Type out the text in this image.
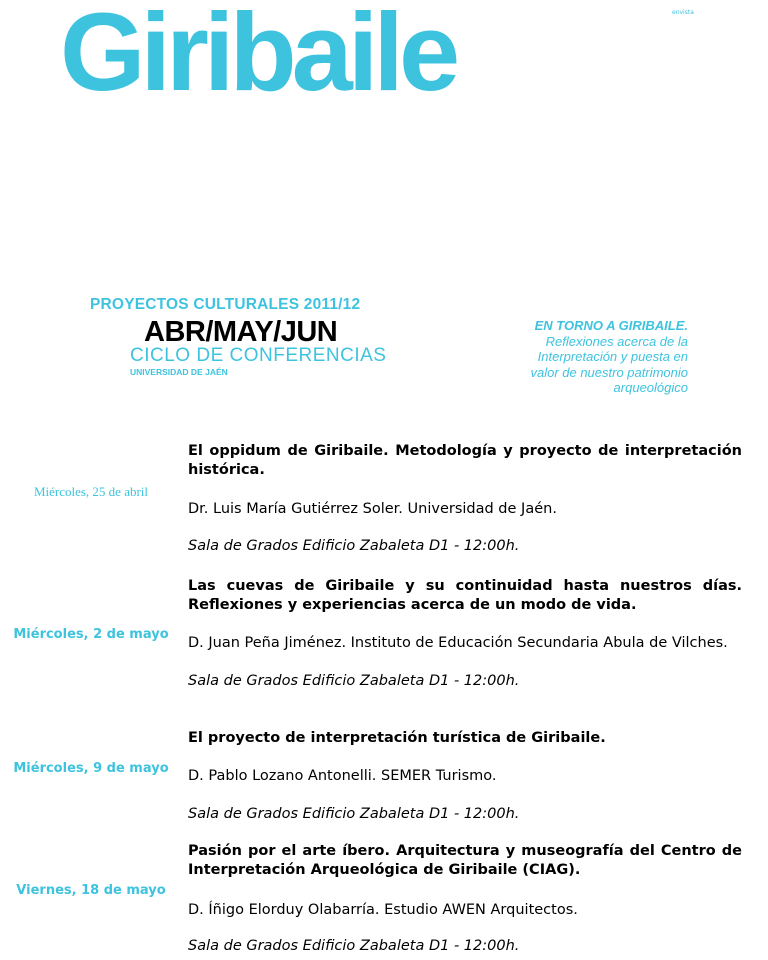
Giribaile	envista
PROYECTOS CULTURALES 2011/12
ABR/MAY/JUN
CICLO DE CONFERENCIAS
UNIVERSIDAD DE JAÉN
EN TORNO A GIRIBAILE.
Reflexiones acerca de la
Interpretación y puesta en
valor de nuestro patrimonio
arqueológico
Miércoles, 25 de abril

El oppidum de Giribaile. Metodología y proyecto de interpretación histórica.

Dr. Luis María Gutiérrez Soler. Universidad de Jaén.

Sala de Grados Edificio Zabaleta D1 - 12:00h.

Miércoles, 2 de mayo

Las cuevas de Giribaile y su continuidad hasta nuestros días. Reflexiones y experiencias acerca de un modo de vida.

D. Juan Peña Jiménez. Instituto de Educación Secundaria Abula de Vilches.

Sala de Grados Edificio Zabaleta D1 - 12:00h.

Miércoles, 9 de mayo

El proyecto de interpretación turística de Giribaile.

D. Pablo Lozano Antonelli. SEMER Turismo.

Sala de Grados Edificio Zabaleta D1 - 12:00h.

Viernes, 18 de mayo

Pasión por el arte íbero. Arquitectura y museografía del Centro de Interpretación Arqueológica de Giribaile (CIAG).

D. Íñigo Elorduy Olabarría. Estudio AWEN Arquitectos.

Sala de Grados Edificio Zabaleta D1 - 12:00h.
